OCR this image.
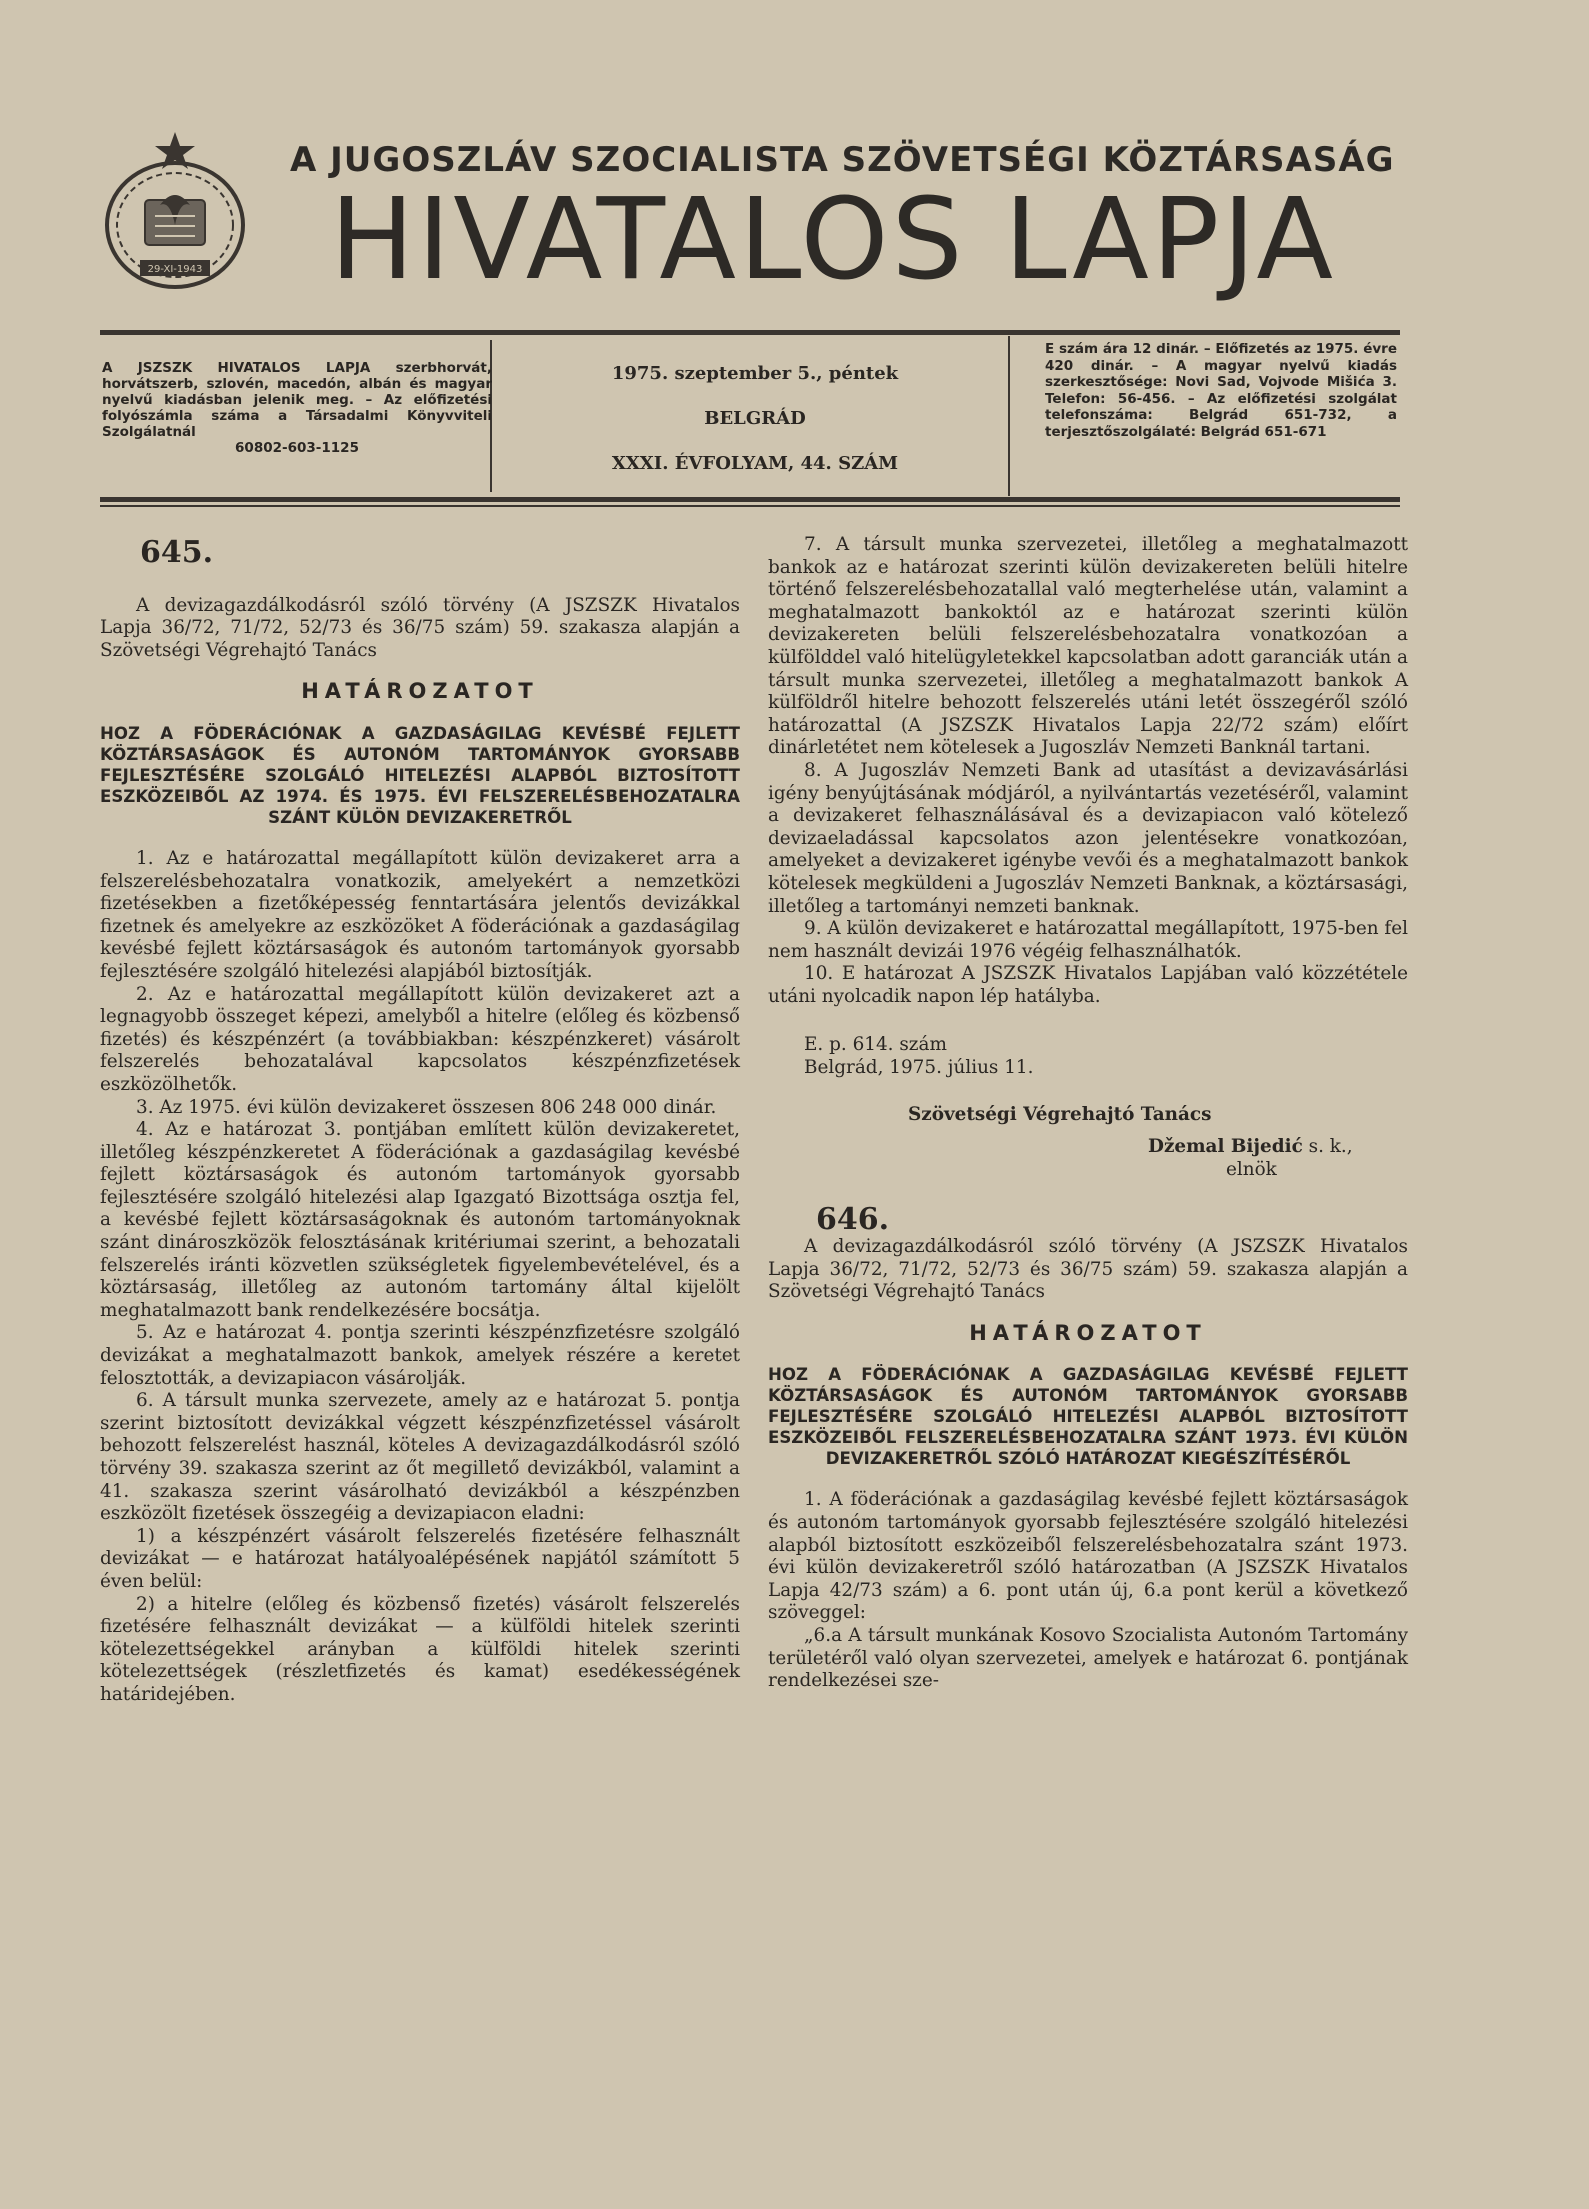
29-XI-1943
A JUGOSZLÁV SZOCIALISTA SZÖVETSÉGI KÖZTÁRSASÁG
HIVATALOS LAPJA
A JSZSZK HIVATALOS LAPJA szerbhorvát, horvátszerb, szlovén, macedón, albán és magyar nyelvű kiadásban jelenik meg. – Az előfizetési folyószámla száma a Társadalmi Könyvviteli Szolgálatnál
60802-603-1125
1975. szeptember 5., péntek
BELGRÁD
XXXI. ÉVFOLYAM, 44. SZÁM
E szám ára 12 dinár. – Előfizetés az 1975. évre 420 dinár. – A magyar nyelvű kiadás szerkesztősége: Novi Sad, Vojvode Mišića 3. Telefon: 56-456. – Az előfizetési szolgálat telefonszáma: Belgrád 651-732, a terjesztőszolgálaté: Belgrád 651-671
645.

A devizagazdálkodásról szóló törvény (A JSZSZK Hivatalos Lapja 36/72, 71/72, 52/73 és 36/75 szám) 59. szakasza alapján a Szövetségi Végrehajtó Tanács

HATÁROZATOT
HOZ A FÖDERÁCIÓNAK A GAZDASÁGILAG KEVÉSBÉ FEJLETT KÖZTÁRSASÁGOK ÉS AUTONÓM TARTOMÁNYOK GYORSABB FEJLESZTÉSÉRE SZOLGÁLÓ HITELEZÉSI ALAPBÓL BIZTOSÍTOTT ESZKÖZEIBŐL AZ 1974. ÉS 1975. ÉVI FELSZERELÉSBEHOZATALRA SZÁNT KÜLÖN DEVIZAKERETRŐL

1. Az e határozattal megállapított külön devizakeret arra a felszerelésbehozatalra vonatkozik, amelyekért a nemzetközi fizetésekben a fizetőképesség fenntartására jelentős devizákkal fizetnek és amelyekre az eszközöket A föderációnak a gazdaságilag kevésbé fejlett köztársaságok és autonóm tartományok gyorsabb fejlesztésére szolgáló hitelezési alapjából biztosítják.

2. Az e határozattal megállapított külön devizakeret azt a legnagyobb összeget képezi, amelyből a hitelre (előleg és közbenső fizetés) és készpénzért (a továbbiakban: készpénzkeret) vásárolt felszerelés behozatalával kapcsolatos készpénzfizetések eszközölhetők.

3. Az 1975. évi külön devizakeret összesen 806 248 000 dinár.

4. Az e határozat 3. pontjában említett külön devizakeretet, illetőleg készpénzkeretet A föderációnak a gazdaságilag kevésbé fejlett köztársaságok és autonóm tartományok gyorsabb fejlesztésére szolgáló hitelezési alap Igazgató Bizottsága osztja fel, a kevésbé fejlett köztársaságoknak és autonóm tartományoknak szánt dinároszközök felosztásának kritériumai szerint, a behozatali felszerelés iránti közvetlen szükségletek figyelembevételével, és a köztársaság, illetőleg az autonóm tartomány által kijelölt meghatalmazott bank rendelkezésére bocsátja.

5. Az e határozat 4. pontja szerinti készpénzfizetésre szolgáló devizákat a meghatalmazott bankok, amelyek részére a keretet felosztották, a devizapiacon vásárolják.

6. A társult munka szervezete, amely az e határozat 5. pontja szerint biztosított devizákkal végzett készpénzfizetéssel vásárolt behozott felszerelést használ, köteles A devizagazdálkodásról szóló törvény 39. szakasza szerint az őt megillető devizákból, valamint a 41. szakasza szerint vásárolható devizákból a készpénzben eszközölt fizetések összegéig a devizapiacon eladni:

1) a készpénzért vásárolt felszerelés fizetésére felhasznált devizákat — e határozat hatályoalépésének napjától számított 5 éven belül:

2) a hitelre (előleg és közbenső fizetés) vásárolt felszerelés fizetésére felhasznált devizákat — a külföldi hitelek szerinti kötelezettségekkel arányban a külföldi hitelek szerinti kötelezettségek (részletfizetés és kamat) esedékességének határidejében.

7. A társult munka szervezetei, illetőleg a meghatalmazott bankok az e határozat szerinti külön devizakereten belüli hitelre történő felszerelésbehozatallal való megterhelése után, valamint a meghatalmazott bankoktól az e határozat szerinti külön devizakereten belüli felszerelésbehozatalra vonatkozóan a külfölddel való hitelügyletekkel kapcsolatban adott garanciák után a társult munka szervezetei, illetőleg a meghatalmazott bankok A külföldről hitelre behozott felszerelés utáni letét összegéről szóló határozattal (A JSZSZK Hivatalos Lapja 22/72 szám) előírt dinárletétet nem kötelesek a Jugoszláv Nemzeti Banknál tartani.

8. A Jugoszláv Nemzeti Bank ad utasítást a devizavásárlási igény benyújtásának módjáról, a nyilvántartás vezetéséről, valamint a devizakeret felhasználásával és a devizapiacon való kötelező devizaeladással kapcsolatos azon jelentésekre vonatkozóan, amelyeket a devizakeret igénybe vevői és a meghatalmazott bankok kötelesek megküldeni a Jugoszláv Nemzeti Banknak, a köztársasági, illetőleg a tartományi nemzeti banknak.

9. A külön devizakeret e határozattal megállapított, 1975-ben fel nem használt devizái 1976 végéig felhasználhatók.

10. E határozat A JSZSZK Hivatalos Lapjában való közzététele utáni nyolcadik napon lép hatályba.

E. p. 614. szám

Belgrád, 1975. július 11.

Szövetségi Végrehajtó Tanács
Džemal Bijedić s. k.,
elnök
646.

A devizagazdálkodásról szóló törvény (A JSZSZK Hivatalos Lapja 36/72, 71/72, 52/73 és 36/75 szám) 59. szakasza alapján a Szövetségi Végrehajtó Tanács

HATÁROZATOT
HOZ A FÖDERÁCIÓNAK A GAZDASÁGILAG KEVÉSBÉ FEJLETT KÖZTÁRSASÁGOK ÉS AUTONÓM TARTOMÁNYOK GYORSABB FEJLESZTÉSÉRE SZOLGÁLÓ HITELEZÉSI ALAPBÓL BIZTOSÍTOTT ESZKÖZEIBŐL FELSZERELÉSBEHOZATALRA SZÁNT 1973. ÉVI KÜLÖN DEVIZAKERETRŐL SZÓLÓ HATÁROZAT KIEGÉSZÍTÉSÉRŐL

1. A föderációnak a gazdaságilag kevésbé fejlett köztársaságok és autonóm tartományok gyorsabb fejlesztésére szolgáló hitelezési alapból biztosított eszközeiből felszerelésbehozatalra szánt 1973. évi külön devizakeretről szóló határozatban (A JSZSZK Hivatalos Lapja 42/73 szám) a 6. pont után új, 6.a pont kerül a következő szöveggel:

„6.a A társult munkának Kosovo Szocialista Autonóm Tartomány területéről való olyan szervezetei, amelyek e határozat 6. pontjának rendelkezései sze-
